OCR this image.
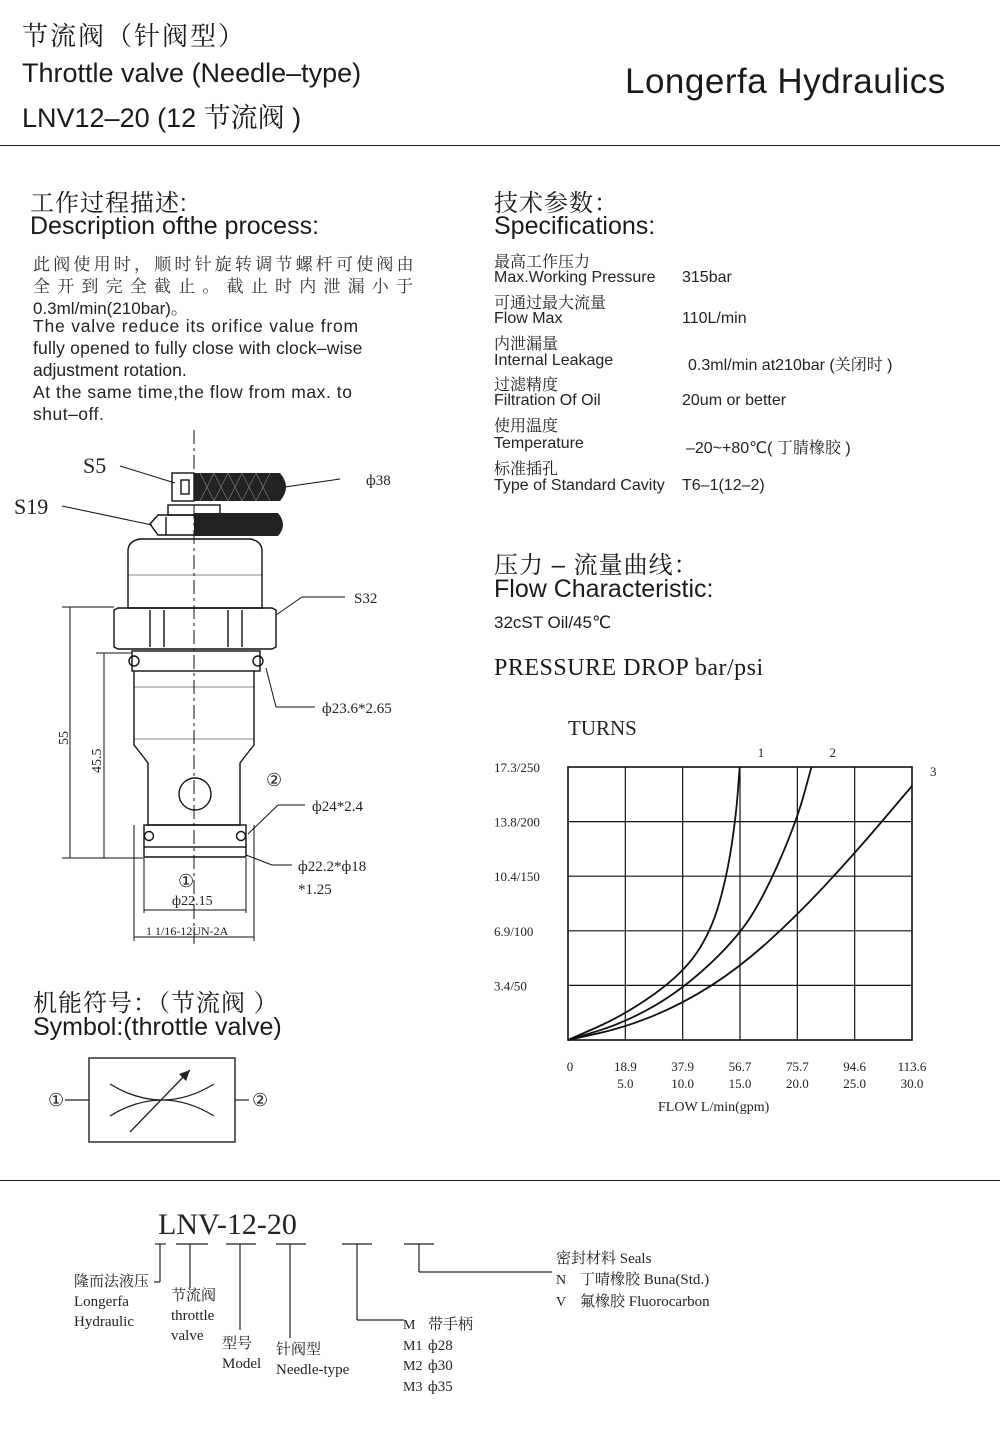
节流阀（针阀型）
Throttle valve (Needle–type)
LNV12–20 (12 节流阀 )
Longerfa Hydraulics
工作过程描述:
Description ofthe process:
此阀使用时，顺时针旋转调节螺杆可使阀由
全开到完全截止。截止时内泄漏小于
0.3ml/min(210bar)。
The valve reduce its orifice value from
fully opened to fully close with clock–wise
adjustment rotation.
At the same time,the flow from max. to
shut–off.
技术参数：
Specifications:
最高工作压力
Max.Working Pressure 315bar
可通过最大流量
Flow Max	110L/min
内泄漏量
Internal Leakage	0.3ml/min at210bar (关闭时 )
过滤精度
Filtration Of Oil	20um or better
使用温度
Temperature	–20~+80℃( 丁腈橡胶 )
标准插孔
Type of Standard Cavity T6–1(12–2)
压力 – 流量曲线：
Flow Characteristic:
32cST Oil/45℃
PRESSURE DROP bar/psi
TURNS
3.4/50
6.9/100
10.4/150
13.8/200
17.3/250
0	18.9
5.0
37.9
10.0
56.7
15.0
75.7
20.0
94.6
25.0
113.6
30.0
1	2
3
FLOW L/min(gpm)
S5
S19
ф38
S32
ф23.6*2.65
②
ф24*2.4
ф22.2*ф18
*1.25
①
ф22.15
1 1/16-12UN-2A
55
45.5
机能符号：（节流阀 ）
Symbol:(throttle valve)
①	②
LNV-12-20
隆而法液压
Longerfa
Hydraulic
节流阀
throttle
valve 型号
Model
针阀型
Needle-type
M 带手柄
M1 ф28
M2 ф30
M3 ф35
密封材料 Seals
N 丁晴橡胶 Buna(Std.)
V 氟橡胶 Fluorocarbon
